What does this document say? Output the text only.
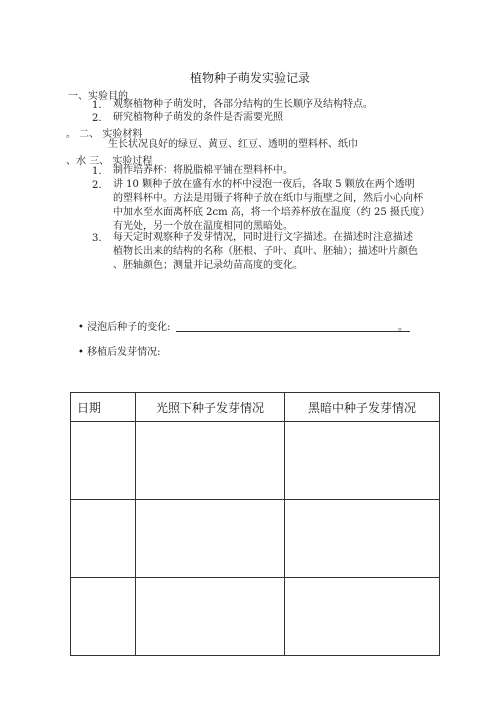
植物种子萌发实验记录
一、实验目的
1. 观察植物种子萌发时，各部分结构的生长顺序及结构特点。
2. 研究植物种子萌发的条件是否需要光照
。 二、 实验材料
生长状况良好的绿豆、黄豆、红豆、透明的塑料杯、纸巾
、水 三、 实验过程
1. 制作培养杯：将脱脂棉平铺在塑料杯中。
2. 讲 10 颗种子放在盛有水的杯中浸泡一夜后，各取 5 颗放在两个透明
的塑料杯中。方法是用镊子将种子放在纸巾与瓶壁之间，然后小心向杯
中加水至水面离杯底 2cm 高，将一个培养杯放在温度（约 25 摄氏度）
有光处，另一个放在温度相同的黑暗处。
3. 每天定时观察种子发芽情况，同时进行文字描述。在描述时注意描述
植物长出来的结构的名称（胚根、子叶、真叶、胚轴）；描述叶片颜色
、胚轴颜色；测量并记录幼苗高度的变化。
• 浸泡后种子的变化:	。
• 移植后发芽情况:
日期	光照下种子发芽情况	黑暗中种子发芽情况
